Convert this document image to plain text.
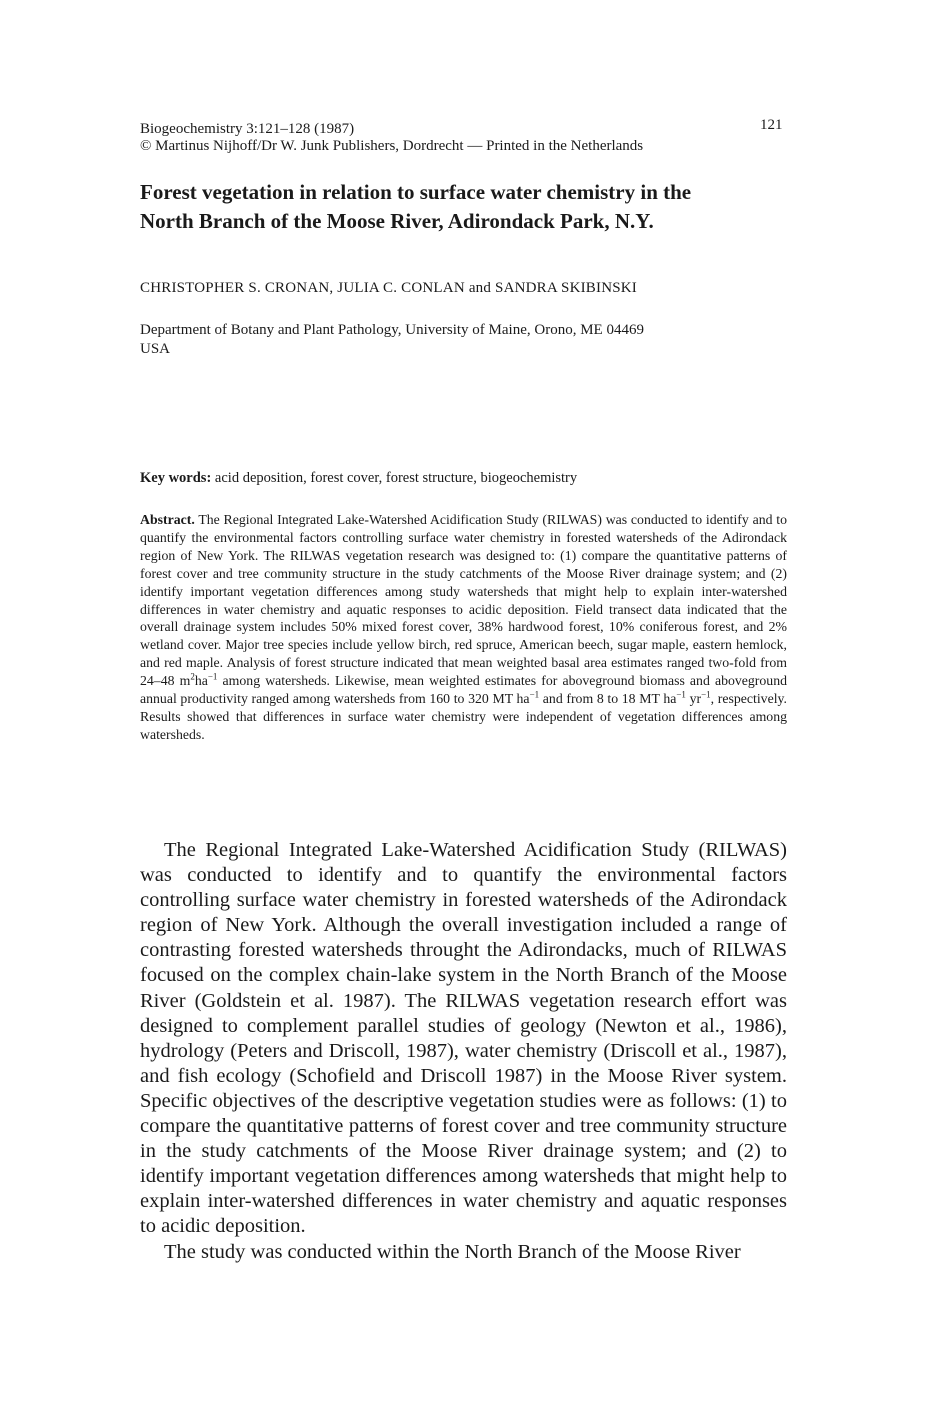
Biogeochemistry 3:121–128 (1987)
© Martinus Nijhoff/Dr W. Junk Publishers, Dordrecht — Printed in the Netherlands
121
Forest vegetation in relation to surface water chemistry in the
North Branch of the Moose River, Adirondack Park, N.Y.
CHRISTOPHER S. CRONAN, JULIA C. CONLAN and SANDRA SKIBINSKI
Department of Botany and Plant Pathology, University of Maine, Orono, ME 04469
USA
Key words: acid deposition, forest cover, forest structure, biogeochemistry
Abstract. The Regional Integrated Lake-Watershed Acidification Study (RILWAS) was conducted to identify and to quantify the environmental factors controlling surface water chemistry in forested watersheds of the Adirondack region of New York. The RILWAS vegetation research was designed to: (1) compare the quantitative patterns of forest cover and tree community structure in the study catchments of the Moose River drainage system; and (2) identify important vegetation differences among study watersheds that might help to explain inter-watershed differences in water chemistry and aquatic responses to acidic deposition. Field transect data indicated that the overall drainage system includes 50% mixed forest cover, 38% hardwood forest, 10% coniferous forest, and 2% wetland cover. Major tree species include yellow birch, red spruce, American beech, sugar maple, eastern hemlock, and red maple. Analysis of forest structure indicated that mean weighted basal area estimates ranged two-fold from 24–48 $m^2ha^{-1}$ among watersheds. Likewise, mean weighted estimates for aboveground biomass and aboveground annual productivity ranged among watersheds from 160 to 320 MT $ha^{-1}$ and from 8 to 18 MT $ha^{-1}$ $yr^{-1}$, respectively. Results showed that differences in surface water chemistry were independent of vegetation differences among watersheds.

The Regional Integrated Lake-Watershed Acidification Study (RILWAS) was conducted to identify and to quantify the environmental factors controlling surface water chemistry in forested watersheds of the Adirondack region of New York. Although the overall investigation included a range of contrasting forested watersheds throught the Adirondacks, much of RILWAS focused on the complex chain-lake system in the North Branch of the Moose River (Goldstein et al. 1987). The RILWAS vegetation research effort was designed to complement parallel studies of geology (Newton et al., 1986), hydrology (Peters and Driscoll, 1987), water chemistry (Driscoll et al., 1987), and fish ecology (Schofield and Driscoll 1987) in the Moose River system. Specific objectives of the descriptive vegetation studies were as follows: (1) to compare the quantitative patterns of forest cover and tree community structure in the study catchments of the Moose River drainage system; and (2) to identify important vegetation differences among watersheds that might help to explain inter-watershed differences in water chemistry and aquatic responses to acidic deposition.

The study was conducted within the North Branch of the Moose River
